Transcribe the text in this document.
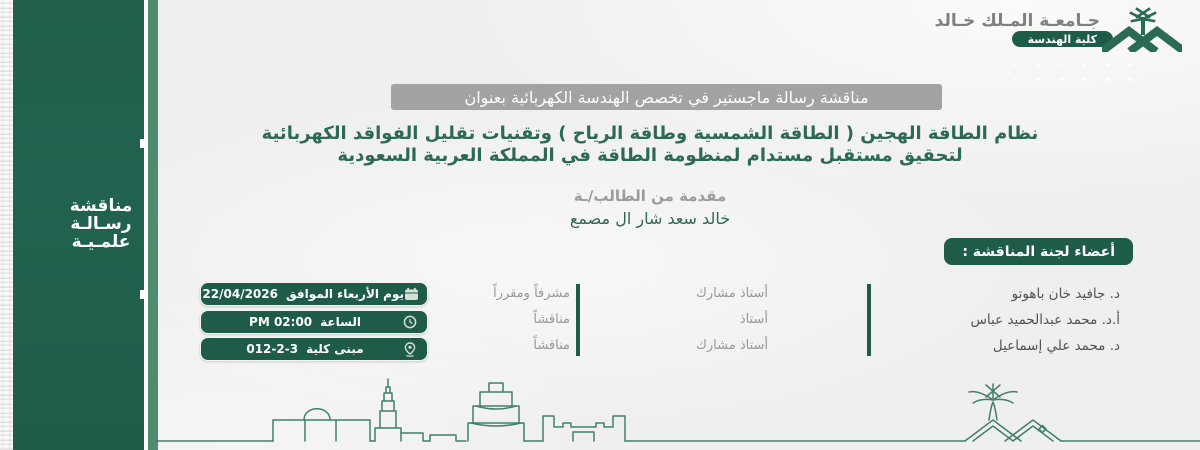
مناقشة
رسـالـة
علمـيـة
جـامعـة المـلك خـالد
كلية الهندسة
مناقشة رسالة ماجستير في تخصص الهندسة الكهربائية بعنوان
نظام الطاقة الهجين ( الطاقة الشمسية وطاقة الرياح ) وتقنيات تقليل الفواقد الكهربائية
لتحقيق مستقبل مستدام لمنظومة الطاقة في المملكة العربية السعودية
مقدمة من الطالب/ـة
خالد سعد شار ال مصمع
أعضاء لجنة المناقشة :
د. جافيد خان باهوتو
أ.د. محمد عبدالحميد عباس
د. محمد علي إسماعيل
أستاذ مشارك
أستاذ
أستاذ مشارك
مشرفاً ومقرراً
مناقشاً
مناقشاً
يوم الأربعاء الموافق
22/04/2026
الساعة
PM 02:00
مبنى كلية
012-2-3
